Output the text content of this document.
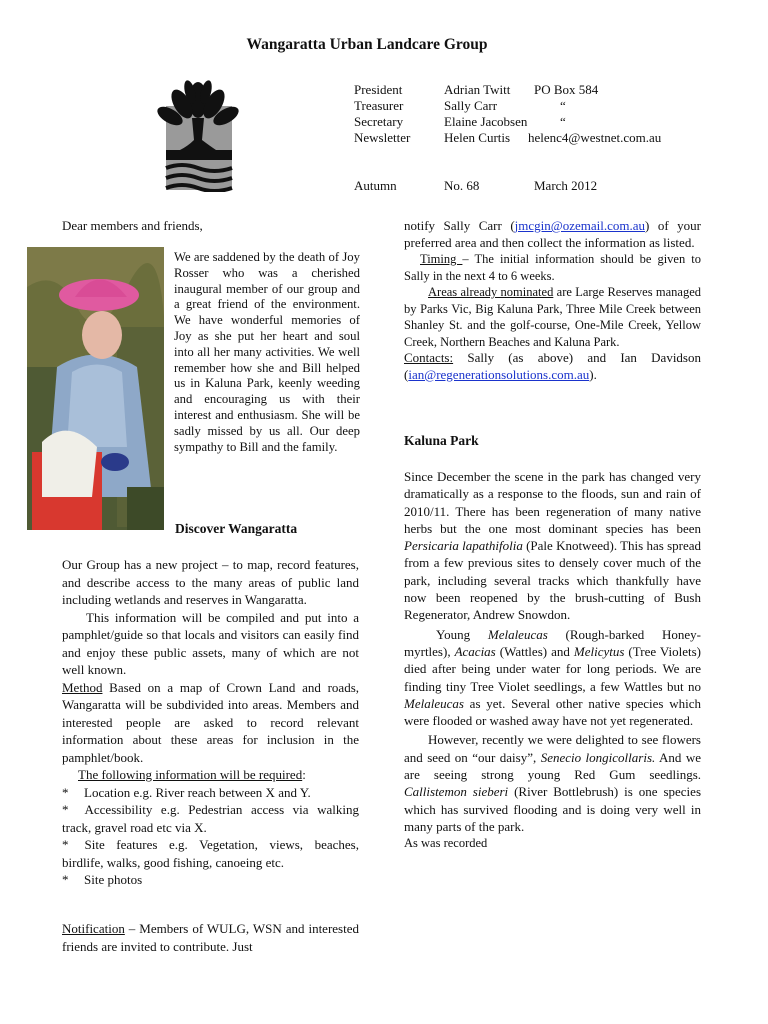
Wangaratta Urban Landcare Group
President	Adrian Twitt PO Box 584
Treasurer	Sally Carr	“
Secretary	Elaine Jacobsen	“
Newsletter	Helen Curtis helenc4@westnet.com.au
Autumn	No. 68	March 2012
Dear members and friends,
We are saddened by the death of Joy Rosser who was a cherished inaugural member of our group and a great friend of the environment. We have wonderful memories of Joy as she put her heart and soul into all her many activities. We well remember how she and Bill helped us in Kaluna Park, keenly weeding and encouraging us with their interest and enthusiasm. She will be sadly missed by us all. Our deep sympathy to Bill and the family.
Discover Wangaratta

Our Group has a new project – to map, record features, and describe access to the many areas of public land including wetlands and reserves in Wangaratta.

This information will be compiled and put into a pamphlet/guide so that locals and visitors can easily find and enjoy these public assets, many of which are not well known.

Method Based on a map of Crown Land and roads, Wangaratta will be subdivided into areas. Members and interested people are asked to record relevant information about these areas for inclusion in the pamphlet/book.

The following information will be required:

*	Location e.g. River reach between X and Y.

* Accessibility e.g. Pedestrian access via walking track, gravel road etc via X.

* Site features e.g. Vegetation, views, beaches, birdlife, walks, good fishing, canoeing etc.

*	Site photos
Notification – Members of WULG, WSN and interested friends are invited to contribute. Just

notify Sally Carr (jmcgin@ozemail.com.au) of your preferred area and then collect the information as listed.

Timing – The initial information should be given to Sally in the next 4 to 6 weeks.

Areas already nominated are Large Reserves managed by Parks Vic, Big Kaluna Park, Three Mile Creek between Shanley St. and the golf-course, One-Mile Creek, Yellow Creek, Northern Beaches and Kaluna Park.

Contacts: Sally (as above) and Ian Davidson (ian@regenerationsolutions.com.au).

Kaluna Park

Since December the scene in the park has changed very dramatically as a response to the floods, sun and rain of 2010/11. There has been regeneration of many native herbs but the one most dominant species has been Persicaria lapathifolia (Pale Knotweed). This has spread from a few previous sites to densely cover much of the park, including several tracks which thankfully have now been reopened by the brush-cutting of Bush Regenerator, Andrew Snowdon.

Young Melaleucas (Rough-barked Honey-myrtles), Acacias (Wattles) and Melicytus (Tree Violets) died after being under water for long periods. We are finding tiny Tree Violet seedlings, a few Wattles but no Melaleucas as yet. Several other native species which were flooded or washed away have not yet regenerated.

However, recently we were delighted to see flowers and seed on “our daisy”, Senecio longicollaris. And we are seeing strong young Red Gum seedlings. Callistemon sieberi (River Bottlebrush) is one species which has survived flooding and is doing very well in many parts of the park.

As was recorded
